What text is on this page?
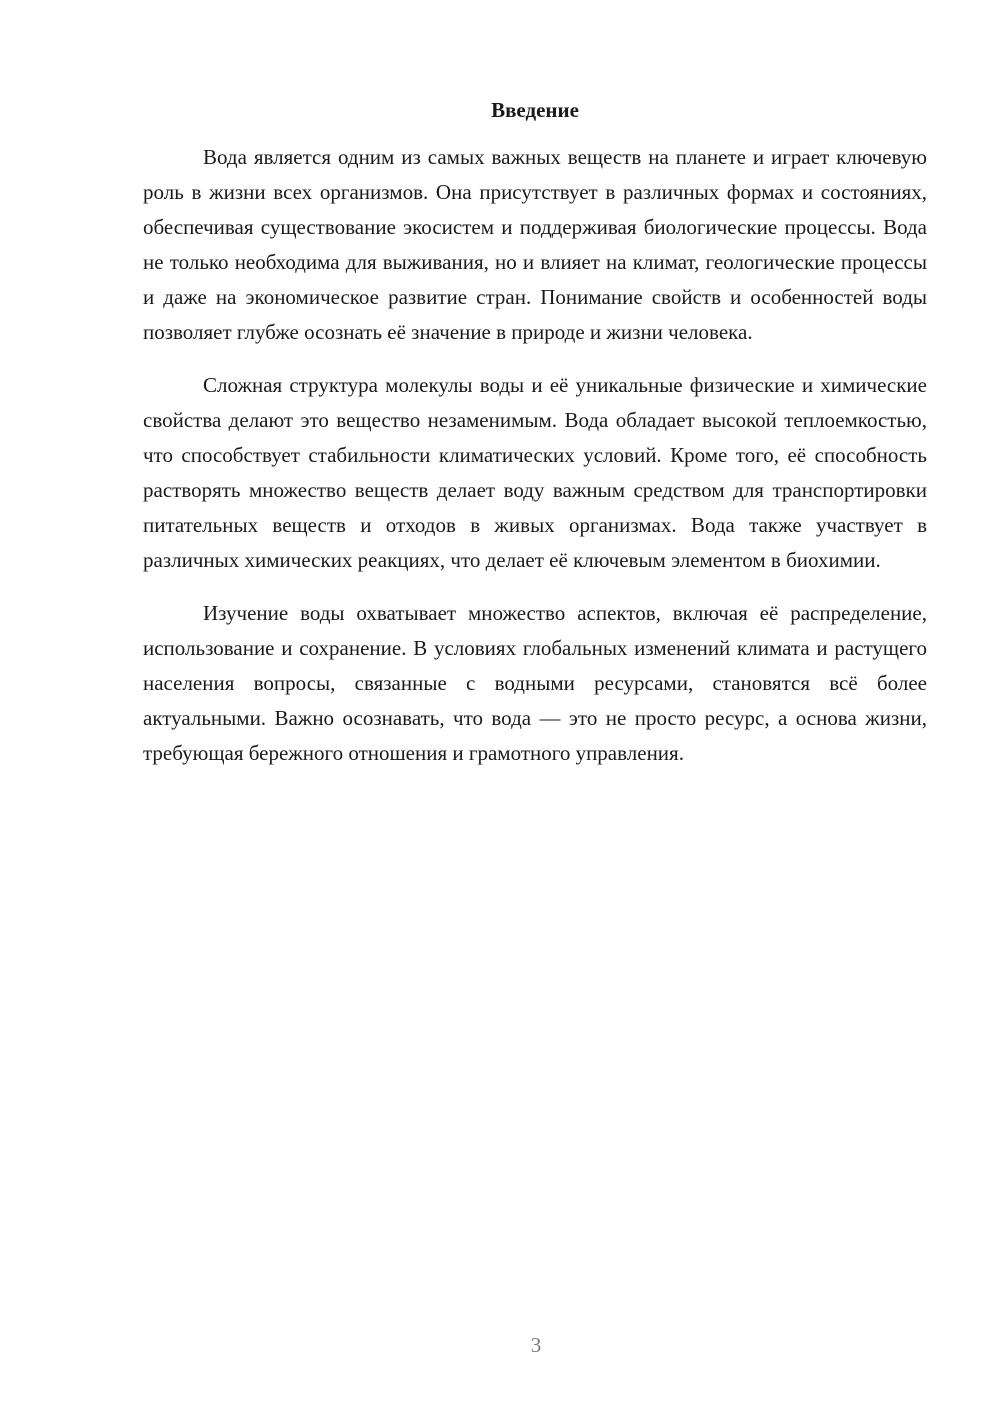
Введение

Вода является одним из самых важных веществ на планете и играет ключевую роль в жизни всех организмов. Она присутствует в различных формах и состояниях, обеспечивая существование экосистем и поддерживая биологические процессы. Вода не только необходима для выживания, но и влияет на климат, геологические процессы и даже на экономическое развитие стран. Понимание свойств и особенностей воды позволяет глубже осознать её значение в природе и жизни человека.

Сложная структура молекулы воды и её уникальные физические и химические свойства делают это вещество незаменимым. Вода обладает высокой теплоемкостью, что способствует стабильности климатических условий. Кроме того, её способность растворять множество веществ делает воду важным средством для транспортировки питательных веществ и отходов в живых организмах. Вода также участвует в различных химических реакциях, что делает её ключевым элементом в биохимии.

Изучение воды охватывает множество аспектов, включая её распределение, использование и сохранение. В условиях глобальных изменений климата и растущего населения вопросы, связанные с водными ресурсами, становятся всё более актуальными. Важно осознавать, что вода — это не просто ресурс, а основа жизни, требующая бережного отношения и грамотного управления.

3
